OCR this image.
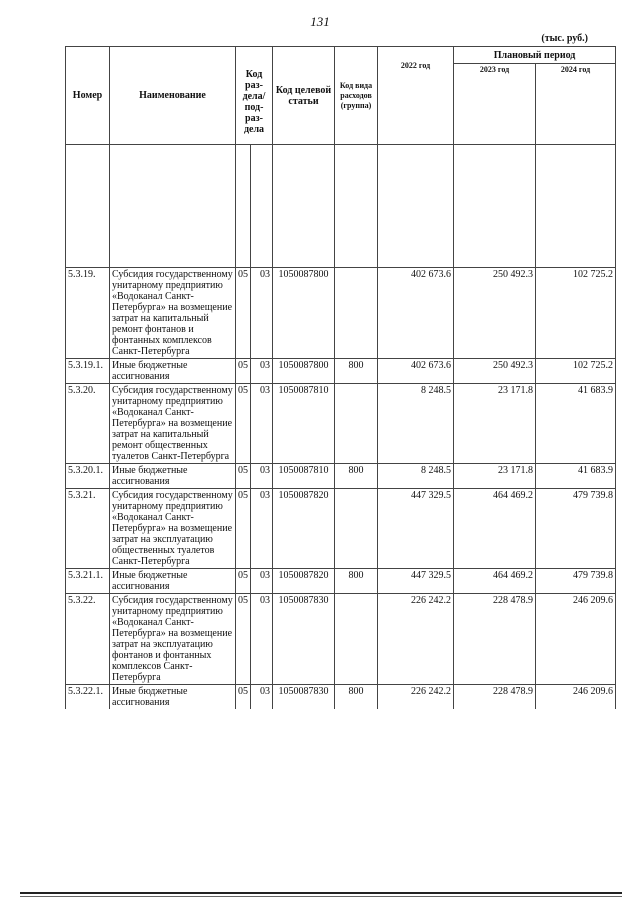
131
(тыс. руб.)
Номер	Наименование	Код раз-дела/ под-раз-дела		Код целевой статьи	Код вида расходов (группа)	2022 год	Плановый период	
							2023 год	2024 год

5.3.19.	Субсидия государственному унитарному предприятию «Водоканал Санкт-Петербурга» на возмещение затрат на капитальный ремонт фонтанов и фонтанных комплексов Санкт-Петербурга	05	03	1050087800		402 673.6	250 492.3	102 725.2
5.3.19.1.	Иные бюджетные ассигнования	05	03	1050087800	800	402 673.6	250 492.3	102 725.2
5.3.20.	Субсидия государственному унитарному предприятию «Водоканал Санкт-Петербурга» на возмещение затрат на капитальный ремонт общественных туалетов Санкт-Петербурга	05	03	1050087810		8 248.5	23 171.8	41 683.9
5.3.20.1.	Иные бюджетные ассигнования	05	03	1050087810	800	8 248.5	23 171.8	41 683.9
5.3.21.	Субсидия государственному унитарному предприятию «Водоканал Санкт-Петербурга» на возмещение затрат на эксплуатацию общественных туалетов Санкт-Петербурга	05	03	1050087820		447 329.5	464 469.2	479 739.8
5.3.21.1.	Иные бюджетные ассигнования	05	03	1050087820	800	447 329.5	464 469.2	479 739.8
5.3.22.	Субсидия государственному унитарному предприятию «Водоканал Санкт-Петербурга» на возмещение затрат на эксплуатацию фонтанов и фонтанных комплексов Санкт-Петербурга	05	03	1050087830		226 242.2	228 478.9	246 209.6
5.3.22.1.	Иные бюджетные ассигнования	05	03	1050087830	800	226 242.2	228 478.9	246 209.6
